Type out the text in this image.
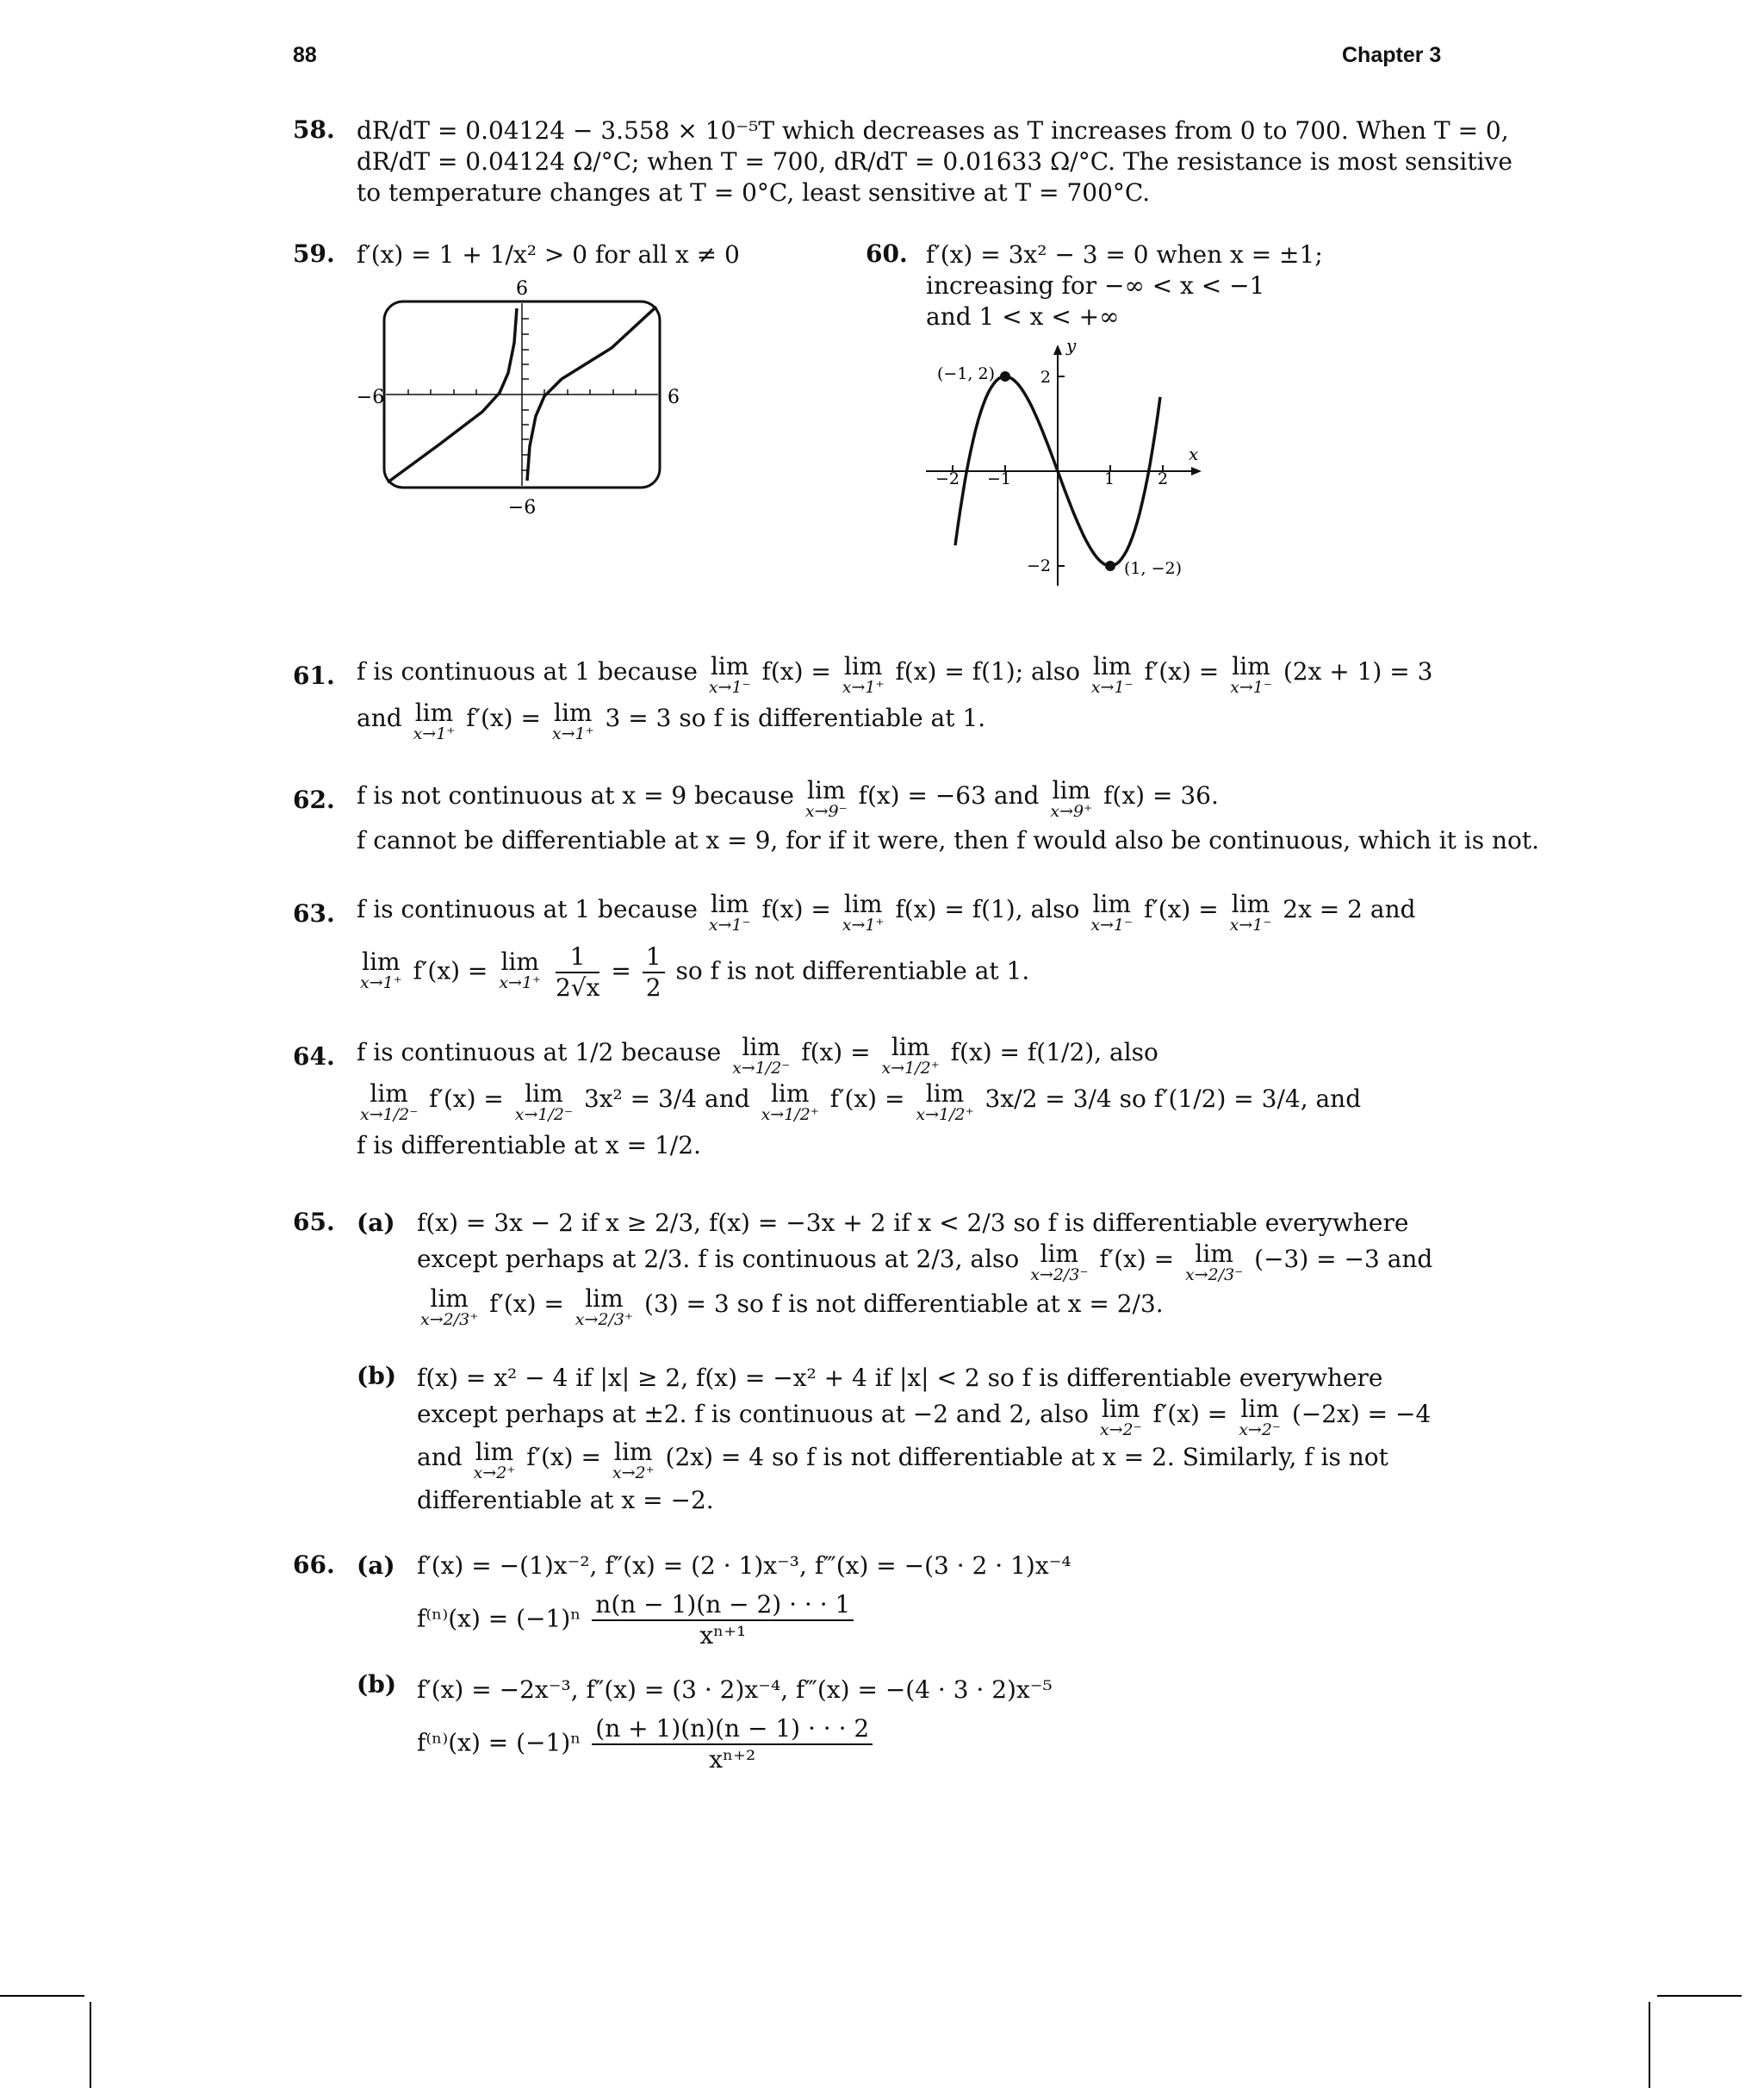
88	Chapter 3
58. dR/dT = 0.04124 − 3.558 × 10⁻⁵T which decreases as T increases from 0 to 700. When T = 0,
dR/dT = 0.04124 Ω/°C; when T = 700, dR/dT = 0.01633 Ω/°C. The resistance is most sensitive
to temperature changes at T = 0°C, least sensitive at T = 700°C.
59. f′(x) = 1 + 1/x² > 0 for all x ≠ 0
6
−6
−6	6
60. f′(x) = 3x² − 3 = 0 when x = ±1;
increasing for −∞ < x < −1
and 1 < x < +∞
y
x
−2 −1	1	2
2
−2
(−1, 2)
(1, −2)
61. f is continuous at 1 because lim
x→1⁻
f(x) = lim
x→1⁺
f(x) = f(1); also lim
x→1⁻
f′(x) = lim
x→1⁻
(2x + 1) = 3
and lim
x→1⁺
f′(x) = lim
x→1⁺
3 = 3 so f is differentiable at 1.
62. f is not continuous at x = 9 because lim
x→9⁻
f(x) = −63 and lim
x→9⁺
f(x) = 36.
f cannot be differentiable at x = 9, for if it were, then f would also be continuous, which it is not.
63. f is continuous at 1 because lim
x→1⁻
f(x) = lim
x→1⁺
f(x) = f(1), also lim
x→1⁻
f′(x) = lim
x→1⁻
2x = 2 and
lim
x→1⁺ f′(x) = lim
x→1⁺
$\frac{1}{2√x} = \frac{1}{2}$ so f is not differentiable at 1.
64. f is continuous at 1/2 because lim
x→1/2⁻
f(x) = lim
x→1/2⁺
f(x) = f(1/2), also
lim
x→1/2⁻
f′(x) = lim
x→1/2⁻
3x² = 3/4 and lim
x→1/2⁺
f′(x) = lim
x→1/2⁺
3x/2 = 3/4 so f′(1/2) = 3/4, and
f is differentiable at x = 1/2.
65. (a) f(x) = 3x − 2 if x ≥ 2/3, f(x) = −3x + 2 if x < 2/3 so f is differentiable everywhere
except perhaps at 2/3. f is continuous at 2/3, also lim
x→2/3⁻
f′(x) = lim
x→2/3⁻
(−3) = −3 and
lim
x→2/3⁺
f′(x) = lim
x→2/3⁺
(3) = 3 so f is not differentiable at x = 2/3.
(b) f(x) = x² − 4 if |x| ≥ 2, f(x) = −x² + 4 if |x| < 2 so f is differentiable everywhere
except perhaps at ±2. f is continuous at −2 and 2, also lim
x→2⁻
f′(x) = lim
x→2⁻
(−2x) = −4
and lim
x→2⁺
f′(x) = lim
x→2⁺
(2x) = 4 so f is not differentiable at x = 2. Similarly, f is not
differentiable at x = −2.
66. (a) f′(x) = −(1)x⁻², f″(x) = (2 · 1)x⁻³, f‴(x) = −(3 · 2 · 1)x⁻⁴
$f^{(n)}(x) = (-1)^n \frac{n(n - 1)(n - 2) \cdot \cdot \cdot 1}{\text{xⁿ⁺¹}}$
(b) f′(x) = −2x⁻³, f″(x) = (3 · 2)x⁻⁴, f‴(x) = −(4 · 3 · 2)x⁻⁵
$f^{(n)}(x) = (-1)^n \frac{(n + 1)(n)(n - 1) \cdot \cdot \cdot 2}{\text{xⁿ⁺²}}$
